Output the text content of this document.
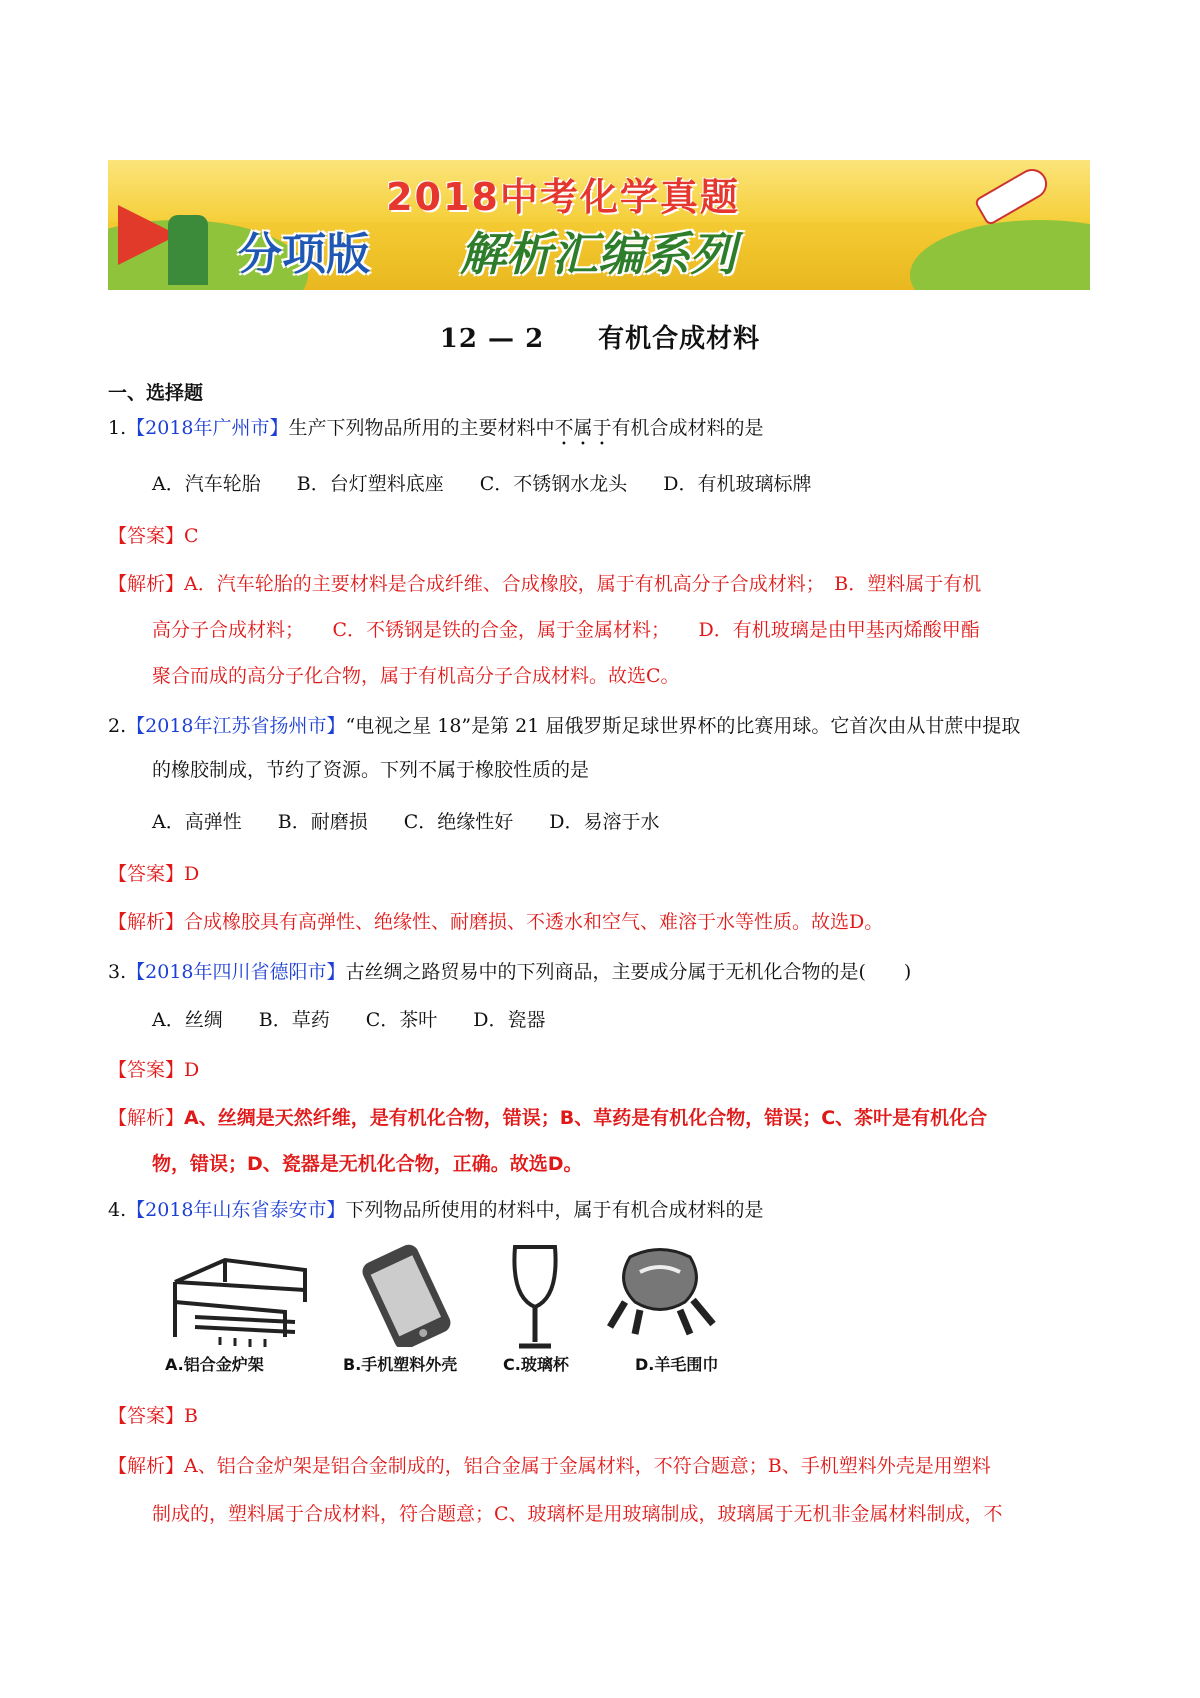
2018中考化学真题
分项版 解析汇编系列
12 — 2　　有机合成材料
一、选择题
1.【2018年广州市】生产下列物品所用的主要材料中不属于有机合成材料的是
A．汽车轮胎 B．台灯塑料底座 C．不锈钢水龙头 D．有机玻璃标牌
【答案】C
【解析】A．汽车轮胎的主要材料是合成纤维、合成橡胶，属于有机高分子合成材料；　B．塑料属于有机
高分子合成材料；　　C．不锈钢是铁的合金，属于金属材料；　　D．有机玻璃是由甲基丙烯酸甲酯
聚合而成的高分子化合物，属于有机高分子合成材料。故选C。
2.【2018年江苏省扬州市】“电视之星 18”是第 21 届俄罗斯足球世界杯的比赛用球。它首次由从甘蔗中提取
的橡胶制成，节约了资源。下列不属于橡胶性质的是
A．高弹性 B．耐磨损 C．绝缘性好 D．易溶于水
【答案】D
【解析】合成橡胶具有高弹性、绝缘性、耐磨损、不透水和空气、难溶于水等性质。故选D。
3.【2018年四川省德阳市】古丝绸之路贸易中的下列商品，主要成分属于无机化合物的是(　　)
A．丝绸 B．草药 C．茶叶 D．瓷器
【答案】D
【解析】A、丝绸是天然纤维，是有机化合物，错误；B、草药是有机化合物，错误；C、茶叶是有机化合
物，错误；D、瓷器是无机化合物，正确。故选D。
4.【2018年山东省泰安市】下列物品所使用的材料中，属于有机合成材料的是
A.铝合金炉架	B.手机塑料外壳	C.玻璃杯	D.羊毛围巾
【答案】B
【解析】A、铝合金炉架是铝合金制成的，铝合金属于金属材料，不符合题意；B、手机塑料外壳是用塑料
制成的，塑料属于合成材料，符合题意；C、玻璃杯是用玻璃制成，玻璃属于无机非金属材料制成，不
